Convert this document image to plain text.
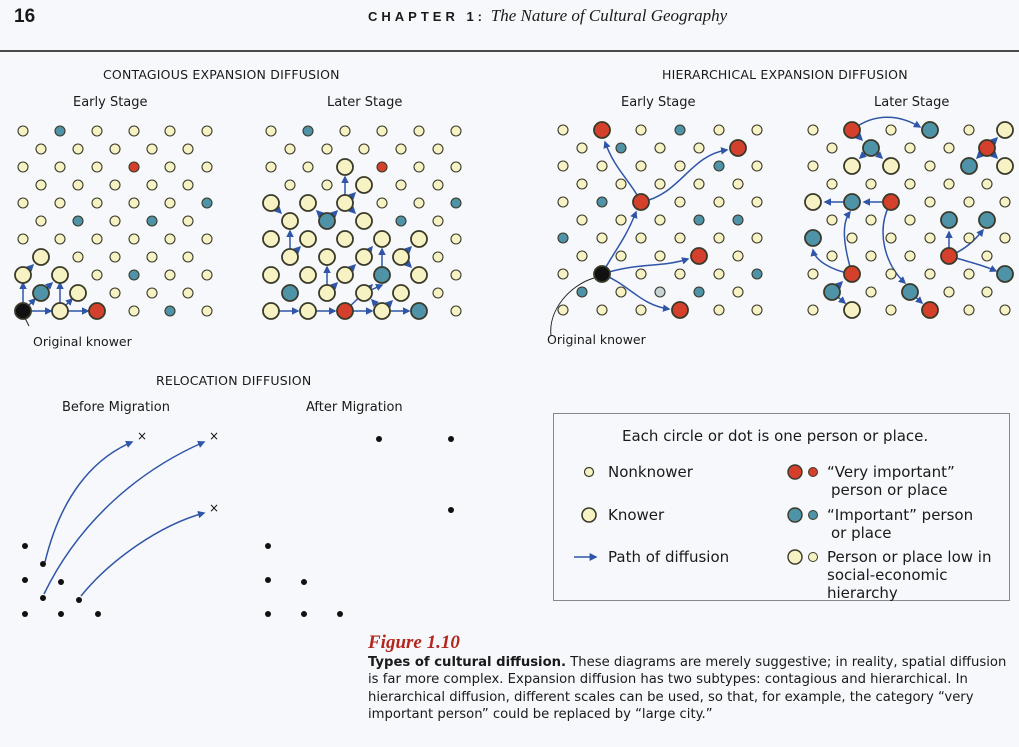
16	CHAPTER 1: The Nature of Cultural Geography
CONTAGIOUS EXPANSION DIFFUSION
Early Stage	Later Stage
Original knower
HIERARCHICAL EXPANSION DIFFUSION
Early Stage	Later Stage
Original knower
RELOCATION DIFFUSION
Before Migration	After Migration
×	×
×
Each circle or dot is one person or place.
Nonknower
Knower
Path of diffusion
“Very important”
person or place
“Important” person
or place
Person or place low in
social-economic
hierarchy
Figure 1.10
Types of cultural diffusion. These diagrams are merely suggestive; in reality, spatial diffusion is far more complex. Expansion diffusion has two subtypes: contagious and hierarchical. In hierarchical diffusion, different scales can be used, so that, for example, the category “very important person” could be replaced by “large city.”
